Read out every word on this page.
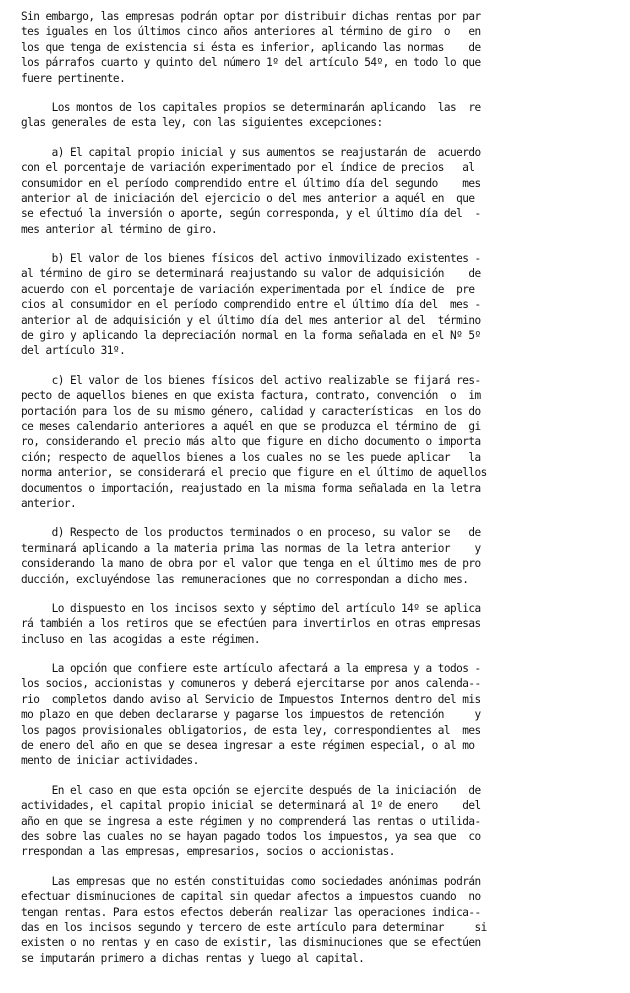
Sin embargo, las empresas podrán optar por distribuir dichas rentas por par
tes iguales en los últimos cinco años anteriores al término de giro  o   en
los que tenga de existencia si ésta es inferior, aplicando las normas    de
los párrafos cuarto y quinto del número 1º del artículo 54º, en todo lo que
fuere pertinente.
Los montos de los capitales propios se determinarán aplicando  las  re
glas generales de esta ley, con las siguientes excepciones:
a) El capital propio inicial y sus aumentos se reajustarán de  acuerdo
con el porcentaje de variación experimentado por el índice de precios   al
consumidor en el período comprendido entre el último día del segundo    mes
anterior al de iniciación del ejercicio o del mes anterior a aquél en  que
se efectuó la inversión o aporte, según corresponda, y el último día del  -
mes anterior al término de giro.
b) El valor de los bienes físicos del activo inmovilizado existentes -
al término de giro se determinará reajustando su valor de adquisición    de
acuerdo con el porcentaje de variación experimentada por el índice de  pre
cios al consumidor en el período comprendido entre el último día del  mes -
anterior al de adquisición y el último día del mes anterior al del  término
de giro y aplicando la depreciación normal en la forma señalada en el Nº 5º
del artículo 31º.
c) El valor de los bienes físicos del activo realizable se fijará res-
pecto de aquellos bienes en que exista factura, contrato, convención  o  im
portación para los de su mismo género, calidad y características  en los do
ce meses calendario anteriores a aquél en que se produzca el término de  gi
ro, considerando el precio más alto que figure en dicho documento o importa
ción; respecto de aquellos bienes a los cuales no se les puede aplicar   la
norma anterior, se considerará el precio que figure en el último de aquellos
documentos o importación, reajustado en la misma forma señalada en la letra
anterior.
d) Respecto de los productos terminados o en proceso, su valor se   de
terminará aplicando a la materia prima las normas de la letra anterior    y
considerando la mano de obra por el valor que tenga en el último mes de pro
ducción, excluyéndose las remuneraciones que no correspondan a dicho mes.
Lo dispuesto en los incisos sexto y séptimo del artículo 14º se aplica
rá también a los retiros que se efectúen para invertirlos en otras empresas
incluso en las acogidas a este régimen.
La opción que confiere este artículo afectará a la empresa y a todos -
los socios, accionistas y comuneros y deberá ejercitarse por anos calenda--
rio  completos dando aviso al Servicio de Impuestos Internos dentro del mis
mo plazo en que deben declararse y pagarse los impuestos de retención     y
los pagos provisionales obligatorios, de esta ley, correspondientes al  mes
de enero del año en que se desea ingresar a este régimen especial, o al mo
mento de iniciar actividades.
En el caso en que esta opción se ejercite después de la iniciación  de
actividades, el capital propio inicial se determinará al 1º de enero    del
año en que se ingresa a este régimen y no comprenderá las rentas o utilida-
des sobre las cuales no se hayan pagado todos los impuestos, ya sea que  co
rrespondan a las empresas, empresarios, socios o accionistas.
Las empresas que no estén constituidas como sociedades anónimas podrán
efectuar disminuciones de capital sin quedar afectos a impuestos cuando  no
tengan rentas. Para estos efectos deberán realizar las operaciones indica--
das en los incisos segundo y tercero de este artículo para determinar     si
existen o no rentas y en caso de existir, las disminuciones que se efectúen
se imputarán primero a dichas rentas y luego al capital.
